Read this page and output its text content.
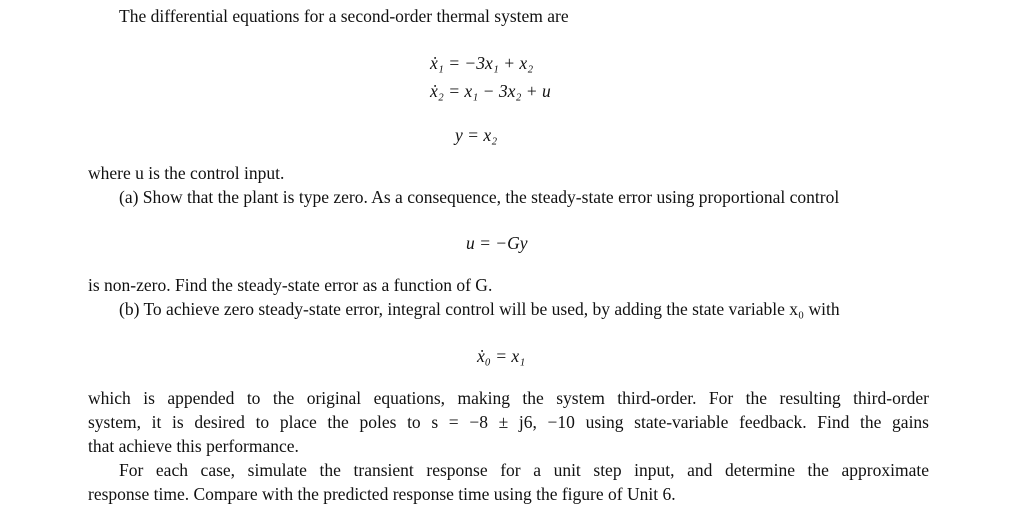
The differential equations for a second-order thermal system are
ẋ₁ = −3x₁ + x₂
ẋ₂ = x₁ − 3x₂ + u
y = x₂
where u is the control input.
(a) Show that the plant is type zero. As a consequence, the steady-state error using proportional control
u = −Gy
is non-zero. Find the steady-state error as a function of G.
(b) To achieve zero steady-state error, integral control will be used, by adding the state variable x₀ with
ẋ₀ = x₁
which is appended to the original equations, making the system third-order. For the resulting third-order
system, it is desired to place the poles to s = −8 ± j6, −10 using state-variable feedback. Find the gains
that achieve this performance.
For each case, simulate the transient response for a unit step input, and determine the approximate
response time. Compare with the predicted response time using the figure of Unit 6.
